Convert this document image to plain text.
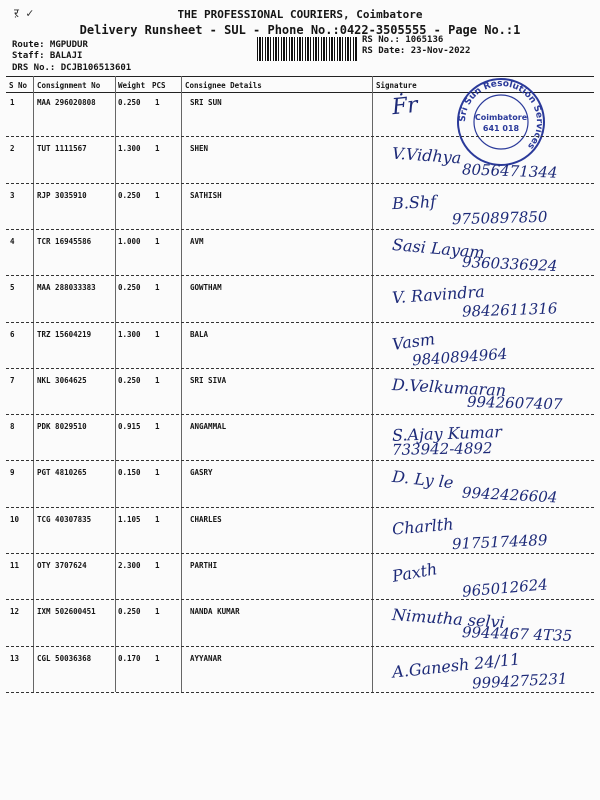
ऱ ✓	THE PROFESSIONAL COURIERS, Coimbatore
Delivery Runsheet - SUL - Phone No.:0422-3505555 - Page No.:1
Route: MGPUDUR
Staff: BALAJI
DRS No.: DCJB106513601
RS No.: 1065136
RS Date: 23-Nov-2022
S No Consignment No Weight PCS	Consignee Details	Signature
Sri Sun Resolution Services
Coimbatore
641 018
1	MAA 296020808	0.250 1	SRI SUN	Ḟr
2	TUT 1111567	1.300 1	SHEN	V.Vidhya
8056471344
3	RJP 3035910	0.250 1	SATHISH	B.Shf
9750897850
4	TCR 16945586	1.000 1	AVM	Sasi Layam
9360336924
5	MAA 288033383	0.250 1	GOWTHAM	V. Ravindra
9842611316
6	TRZ 15604219	1.300 1	BALA	Vasm
9840894964
7	NKL 3064625	0.250 1	SRI SIVA	D.Velkumaran
9942607407
8	PDK 8029510	0.915 1	ANGAMMAL	S.Ajay Kumar
733942-4892
9	PGT 4810265	0.150 1	GASRY	D. Ly le
9942426604
10 TCG 40307835	1.105 1	CHARLES	Charlth
9175174489
11 OTY 3707624	2.300 1	PARTHI	Paxth
965012624
12 IXM 502600451	0.250 1	NANDA KUMAR	Nimutha selvi
9944467 4T35
13 CGL 50036368	0.170 1	AYYANAR	A.Ganesh 24/11
9994275231
